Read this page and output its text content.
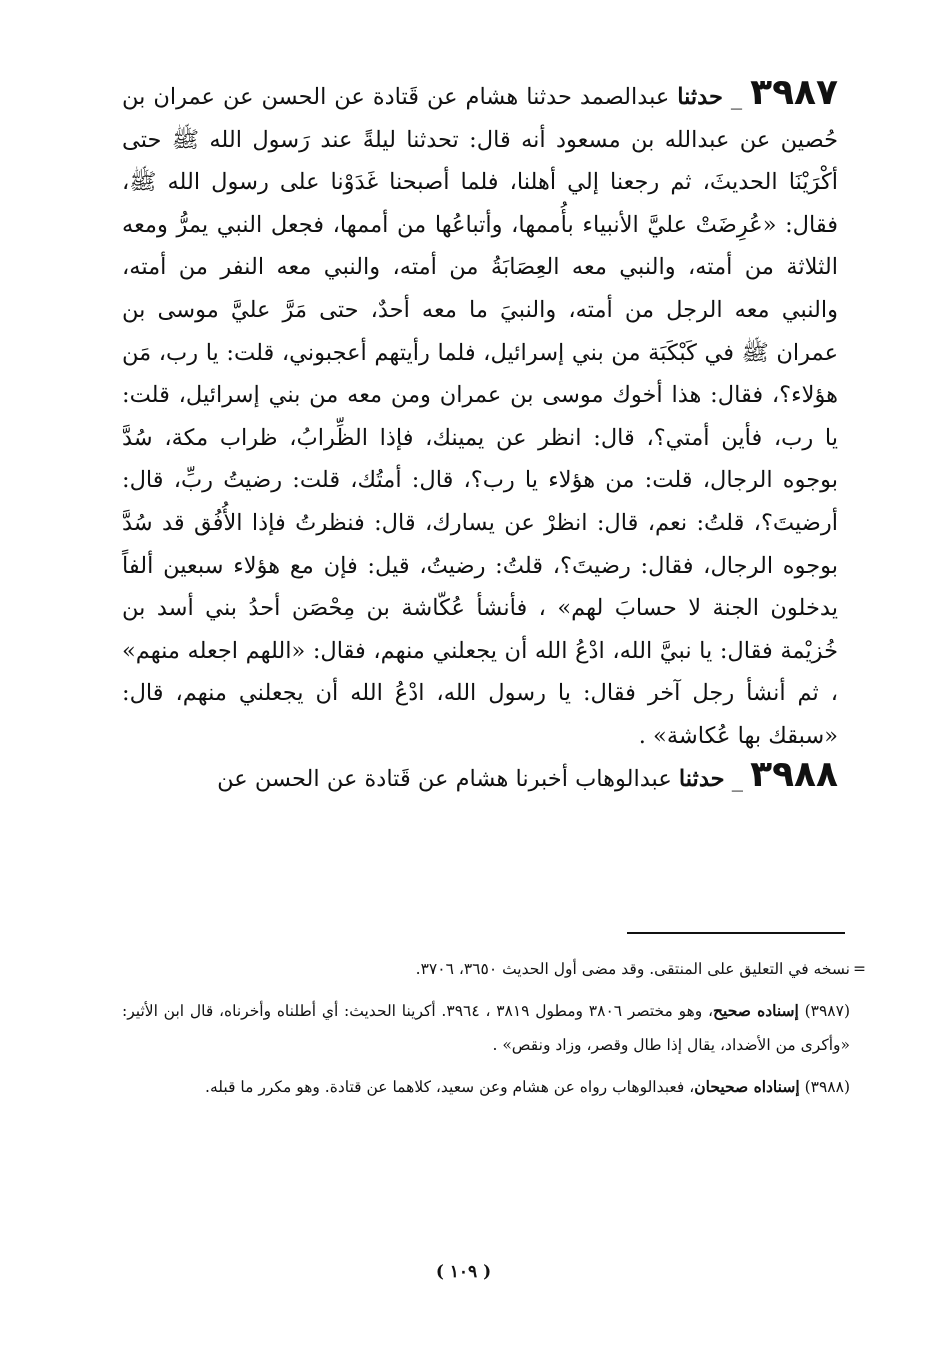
٣٩٨٧ _ حدثنا عبدالصمد حدثنا هشام عن قَتادة عن الحسن عن عمران بن حُصين عن عبدالله بن مسعود أنه قال: تحدثنا ليلةً عند رَسول الله ﷺ حتى أكْرَيْنَا الحديثَ، ثم رجعنا إلي أهلنا، فلما أصبحنا غَدَوْنا على رسول الله ﷺ، فقال: «عُرِضَتْ عليَّ الأنبياء بأُممها، وأتباعُها من أممها، فجعل النبي يمرُّ ومعه الثلاثة من أمته، والنبي معه العِصَابَةُ من أمته، والنبي معه النفر من أمته، والنبي معه الرجل من أمته، والنبيَ ما معه أحدٌ، حتى مَرَّ عليَّ موسى بن عمران ﷺ في كَبْكَبَة من بني إسرائيل، فلما رأيتهم أعجبوني، قلت: يا رب، مَن هؤلاء؟، فقال: هذا أخوك موسى بن عمران ومن معه من بني إسرائيل، قلت: يا رب، فأين أمتي؟، قال: انظر عن يمينك، فإذا الظِّرابُ، ظراب مكة، سُدَّ بوجوه الرجال، قلت: من هؤلاء يا رب؟، قال: أمتُك، قلت: رضيتُ ربِّ، قال: أرضيتَ؟، قلتُ: نعم، قال: انظرْ عن يسارك، قال: فنظرتُ فإذا الأُفُق قد سُدَّ بوجوه الرجال، فقال: رضيتَ؟، قلتُ: رضيتُ، قيل: فإن مع هؤلاء سبعين ألفاً يدخلون الجنة لا حسابَ لهم» ، فأنشأ عُكّاشة بن مِحْصَن أحدُ بني أسد بن خُزيْمة فقال: يا نبيَّ الله، ادْعُ الله أن يجعلني منهم، فقال: «اللهم اجعله منهم» ، ثم أنشأ رجل آخر فقال: يا رسول الله، ادْعُ الله أن يجعلني منهم، قال: «سبقك بها عُكاشة» .

٣٩٨٨ _ حدثنا عبدالوهاب أخبرنا هشام عن قَتادة عن الحسن عن

=
نسخه في التعليق على المنتقى. وقد مضى أول الحديث ٣٦٥٠، ٣٧٠٦.

(٣٩٨٧) إسناده صحيح، وهو مختصر ٣٨٠٦ ومطول ٣٨١٩ ، ٣٩٦٤. أكرينا الحديث: أي أطلناه وأخرناه، قال ابن الأثير: «وأكرى من الأضداد، يقال إذا طال وقصر، وزاد ونقص» .

(٣٩٨٨) إسناداه صحيحان، فعبدالوهاب رواه عن هشام وعن سعيد، كلاهما عن قتادة. وهو مكرر ما قبله.

( ١٠٩ )
